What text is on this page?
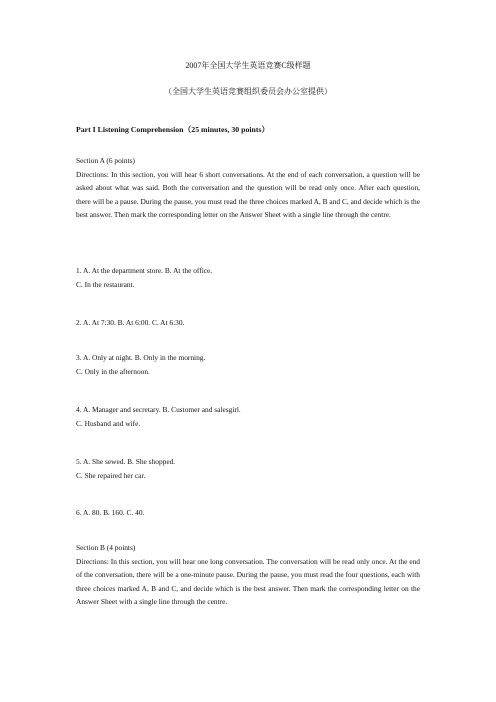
2007年全国大学生英语竞赛C级样题
（全国大学生英语竞赛组织委员会办公室提供）
Part I Listening Comprehension（25 minutes, 30 points）

Section A (6 points)

Directions: In this section, you will hear 6 short conversations. At the end of each conversation, a question will be asked about what was said. Both the conversation and the question will be read only once. After each question, there will be a pause. During the pause, you must read the three choices marked A, B and C, and decide which is the best answer. Then mark the corresponding letter on the Answer Sheet with a single line through the centre.

1. A. At the department store. B. At the office.

C. In the restaurant.

2. A. At 7:30. B. At 6:00. C. At 6:30.

3. A. Only at night. B. Only in the morning.

C. Only in the afternoon.

4. A. Manager and secretary. B. Customer and salesgirl.

C. Husband and wife.

5. A. She sewed. B. She shopped.

C. She repaired her car.

6. A. 80. B. 160. C. 40.

Section B (4 points)

Directions: In this section, you will hear one long conversation. The conversation will be read only once. At the end of the conversation, there will be a one-minute pause. During the pause, you must read the four questions, each with three choices marked A, B and C, and decide which is the best answer. Then mark the corresponding letter on the Answer Sheet with a single line through the centre.
